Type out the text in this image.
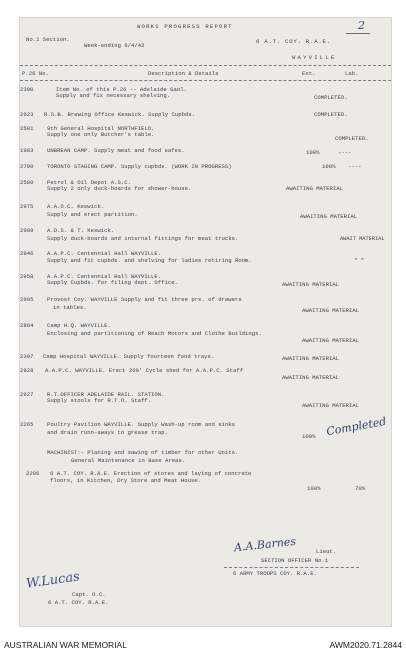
WORKS PROGRESS REPORT	2
No.1 Section.
Week-ending 6/4/42
6 A.T. COY. R.A.E.
WAYVILLE
P.26 No.	Description & Details	Ext.	Lab.
2390	Item No. of this P.26 -- Adelaide Gaol.
Supply and fix necessary shelving.	COMPLETED.
2623 R.S.B. Brewing Office Keswick. Supply Cupbds.	COMPLETED.
2581 9th General Hospital NORTHFIELD.
Supply one only Butcher's table.
COMPLETED.
1983 UNBREAN CAMP. Supply meat and food safes.	100%	----
2790 TORONTO STAGING CAMP. Supply cupbds. (WORK IN PROGRESS)	100% ----
2580 Petrol & Oil Depot A.S.C.
Supply 2 only duck-boards for shower-house.	AWAITING MATERIAL
2975 A.A.O.C. Keswick.
Supply and erect partition.	AWAITING MATERIAL
2909 A.D.S. & T. Keswick.
Supply duck-boards and internal fittings for meat trucks.	AWAIT MATERIAL
2946 A.A.P.C. Centennial Hall WAYVILLE.
Supply and fit cupbds. and shelving for ladies retiring Room.	" "
2958 A.A.P.C. Centennial Hall WAYVILLE.
Supply Cupbds. for filing dept. Office.	AWAITING MATERIAL
2995 Provost Coy. WAYVILLE Supply and fit three prs. of drawers
in tables.	AWAITING MATERIAL
2864 Camp H.Q. WAYVILLE.
Enclosing and partitioning of Reach Motors and Clothe Buildings.
AWAITING MATERIAL
2397 Camp Hospital WAYVILLE. Supply fourteen food trays.	AWAITING MATERIAL
2828 A.A.P.C. WAYVILLE. Erect 200' Cycle shed for A.A.P.C. Staff
AWAITING MATERIAL
2927 R.T.OFFICER ADELAIDE RAIL. STATION.
Supply stools for R.T.O. Staff.
AWAITING MATERIAL
2265 Poultry Pavilion WAYVILLE. Supply Wash-up room and sinks
and drain runn-aways to grease trap.
100% Completed
MACHINIST:- Planing and sawing of timber for other Units.
General Maintenance in Base Areas.
2206 6 A.T. COY. R.A.E. Erection of stores and laying of concrete
floors, in Kitchen, Dry Store and Meat House.
100%	70%
A.A.Barnes	Lieut.
SECTION OFFICER No.1
6 ARMY TROOPS COY. R.A.E.
W.Lucas
Capt. O.C.
6 A.T. COY. R.A.E.
AUSTRALIAN WAR MEMORIAL	AWM2020.71.2844
